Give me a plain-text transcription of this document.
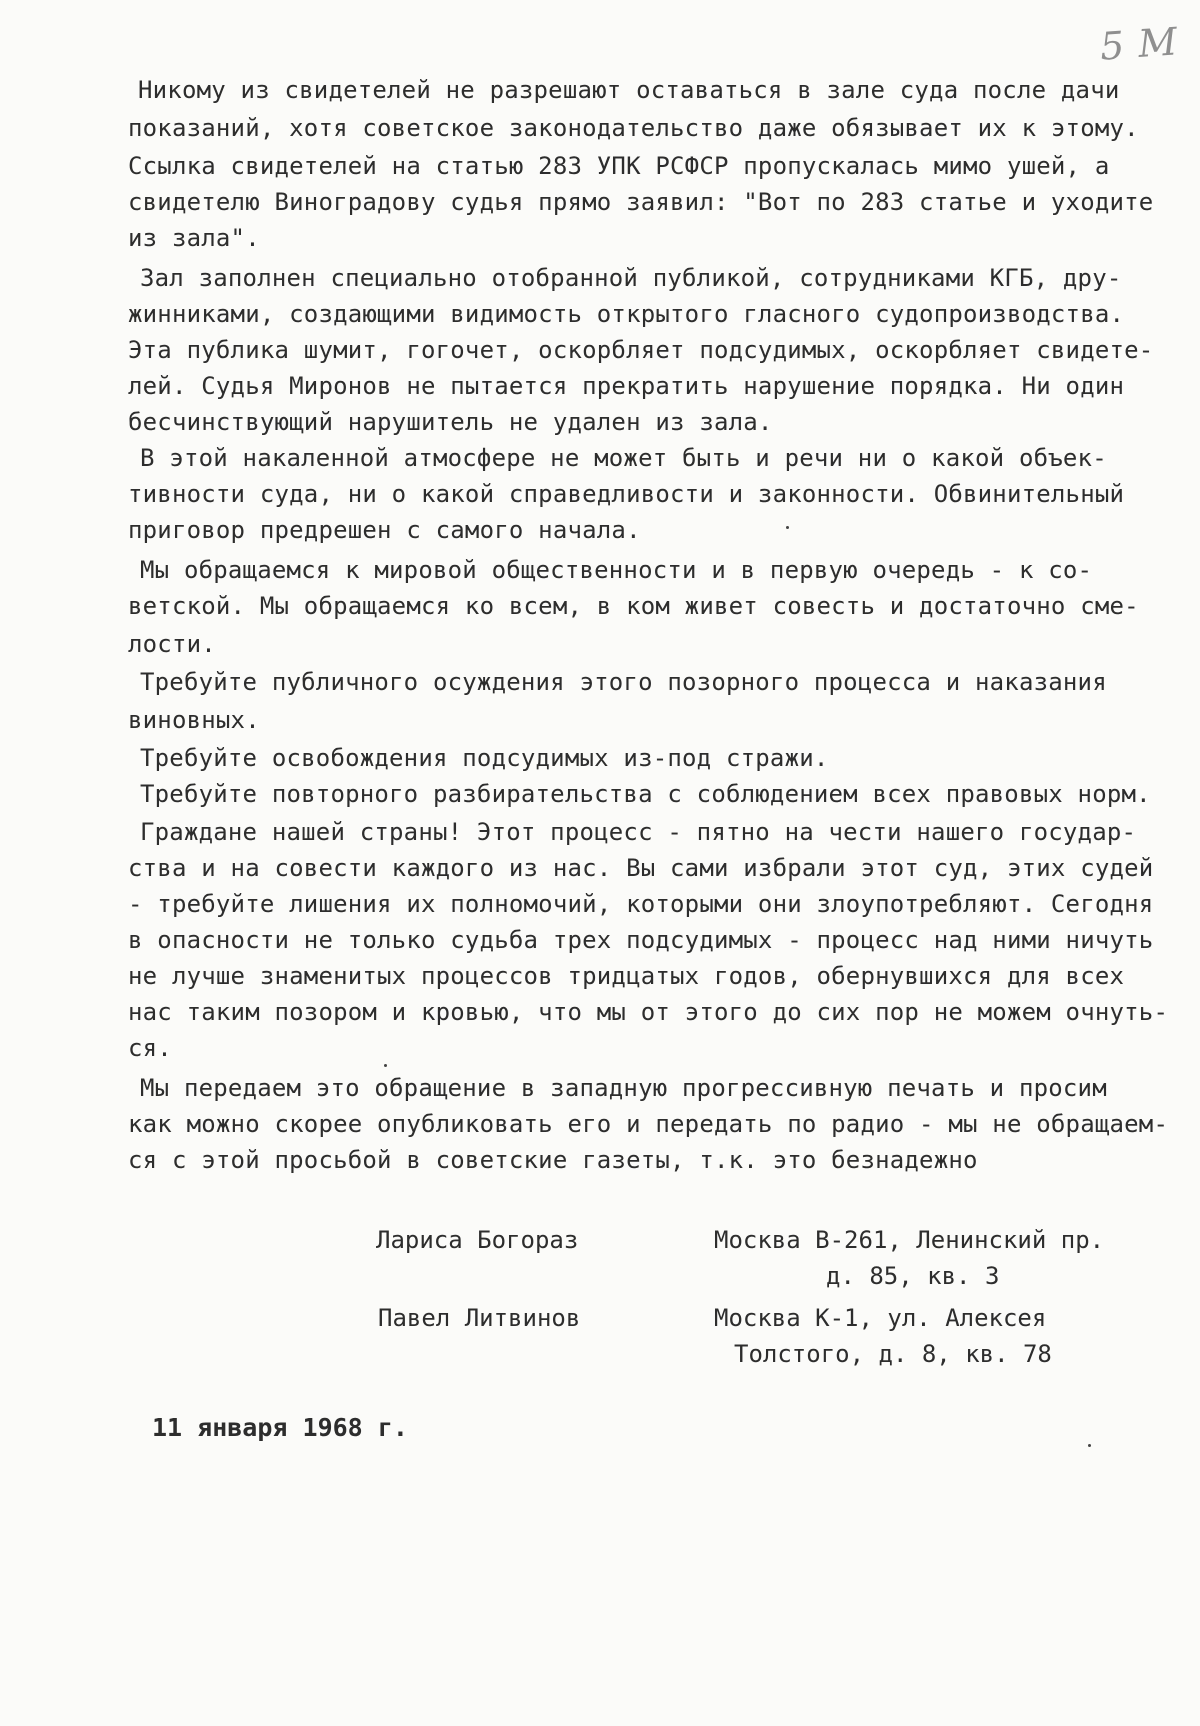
5 М
Никому из свидетелей не разрешают оставаться в зале суда после дачи
показаний, хотя советское законодательство даже обязывает их к этому.
Ссылка свидетелей на статью 283 УПК РСФСР пропускалась мимо ушей, а
свидетелю Виноградову судья прямо заявил: "Вот по 283 статье и уходите
из зала".
Зал заполнен специально отобранной публикой, сотрудниками КГБ, дру-
жинниками, создающими видимость открытого гласного судопроизводства.
Эта публика шумит, гогочет, оскорбляет подсудимых, оскорбляет свидете-
лей. Судья Миронов не пытается прекратить нарушение порядка. Ни один
бесчинствующий нарушитель не удален из зала.
В этой накаленной атмосфере не может быть и речи ни о какой объек-
тивности суда, ни о какой справедливости и законности. Обвинительный
приговор предрешен с самого начала.
Мы обращаемся к мировой общественности и в первую очередь - к со-
ветской. Мы обращаемся ко всем, в ком живет совесть и достаточно сме-
лости.
Требуйте публичного осуждения этого позорного процесса и наказания
виновных.
Требуйте освобождения подсудимых из-под стражи.
Требуйте повторного разбирательства с соблюдением всех правовых норм.
Граждане нашей страны! Этот процесс - пятно на чести нашего государ-
ства и на совести каждого из нас. Вы сами избрали этот суд, этих судей
- требуйте лишения их полномочий, которыми они злоупотребляют. Сегодня
в опасности не только судьба трех подсудимых - процесс над ними ничуть
не лучше знаменитых процессов тридцатых годов, обернувшихся для всех
нас таким позором и кровью, что мы от этого до сих пор не можем очнуть-
ся.
Мы передаем это обращение в западную прогрессивную печать и просим
как можно скорее опубликовать его и передать по радио - мы не обращаем-
ся с этой просьбой в советские газеты, т.к. это безнадежно
Лариса Богораз	Москва В-261, Ленинский пр.
д. 85, кв. 3
Павел Литвинов	Москва К-1, ул. Алексея
Толстого, д. 8, кв. 78
11 января 1968 г.
